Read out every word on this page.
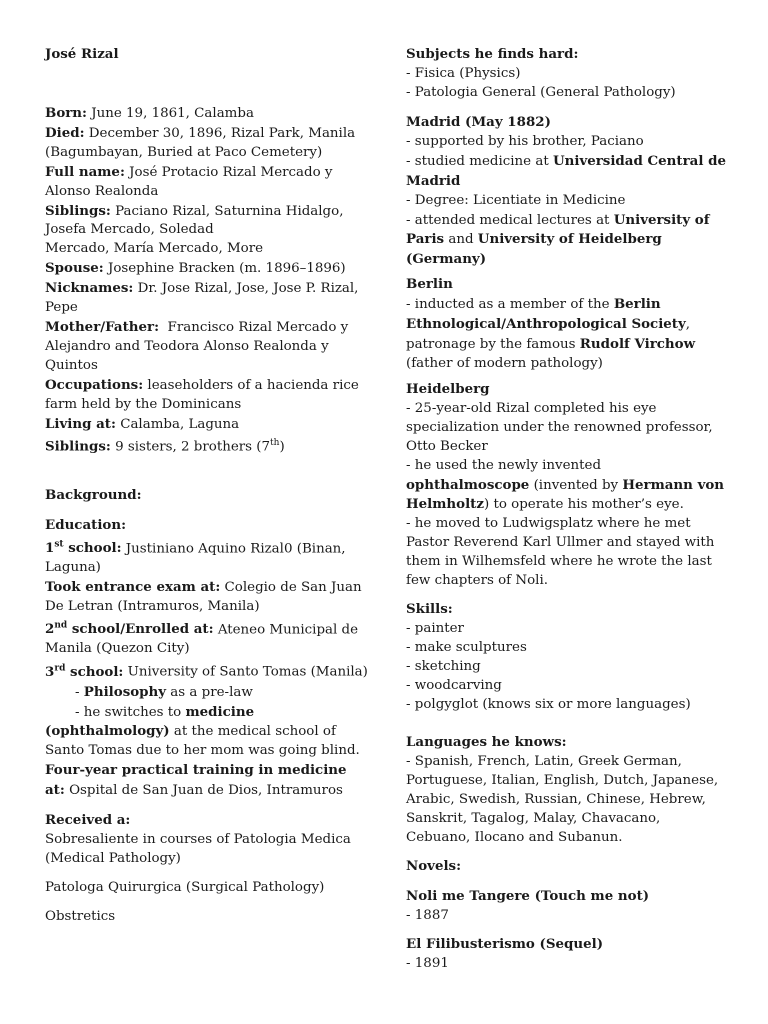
José Rizal

Born: June 19, 1861, Calamba
Died: December 30, 1896, Rizal Park, Manila (Bagumbayan, Buried at Paco Cemetery)
Full name: José Protacio Rizal Mercado y Alonso Realonda
Siblings: Paciano Rizal, Saturnina Hidalgo, Josefa Mercado, Soledad
Mercado, María Mercado, More
Spouse: Josephine Bracken (m. 1896–1896)
Nicknames: Dr. Jose Rizal, Jose, Jose P. Rizal, Pepe
Mother/Father:  Francisco Rizal Mercado y Alejandro and Teodora Alonso Realonda y Quintos
Occupations: leaseholders of a hacienda rice farm held by the Dominicans
Living at: Calamba, Laguna
Siblings: 9 sisters, 2 brothers (7th)

Background:

Education:
1st school: Justiniano Aquino Rizal0 (Binan, Laguna)
Took entrance exam at: Colegio de San Juan De Letran (Intramuros, Manila)
2nd school/Enrolled at: Ateneo Municipal de Manila (Quezon City)
3rd school: University of Santo Tomas (Manila)
- Philosophy as a pre-law
- he switches to medicine
(ophthalmology) at the medical school of Santo Tomas due to her mom was going blind.
Four-year practical training in medicine at: Ospital de San Juan de Dios, Intramuros
Received a:
Sobresaliente in courses of Patologia Medica (Medical Pathology)

Patologa Quirurgica (Surgical Pathology)

Obstretics

Subjects he finds hard:
- Fisica (Physics)
- Patologia General (General Pathology)
Madrid (May 1882)
- supported by his brother, Paciano
- studied medicine at Universidad Central de Madrid
- Degree: Licentiate in Medicine
- attended medical lectures at University of Paris and University of Heidelberg (Germany)
Berlin
- inducted as a member of the Berlin Ethnological/Anthropological Society, patronage by the famous Rudolf Virchow (father of modern pathology)
Heidelberg
- 25-year-old Rizal completed his eye specialization under the renowned professor, Otto Becker
- he used the newly invented ophthalmoscope (invented by Hermann von Helmholtz) to operate his mother’s eye.
- he moved to Ludwigsplatz where he met Pastor Reverend Karl Ullmer and stayed with them in Wilhemsfeld where he wrote the last few chapters of Noli.
Skills:
- painter
- make sculptures
- sketching
- woodcarving
- polgyglot (knows six or more languages)
Languages he knows:
- Spanish, French, Latin, Greek German, Portuguese, Italian, English, Dutch, Japanese, Arabic, Swedish, Russian, Chinese, Hebrew, Sanskrit, Tagalog, Malay, Chavacano, Cebuano, Ilocano and Subanun.

Novels:

Noli me Tangere (Touch me not)
- 1887
El Filibusterismo (Sequel)
- 1891
